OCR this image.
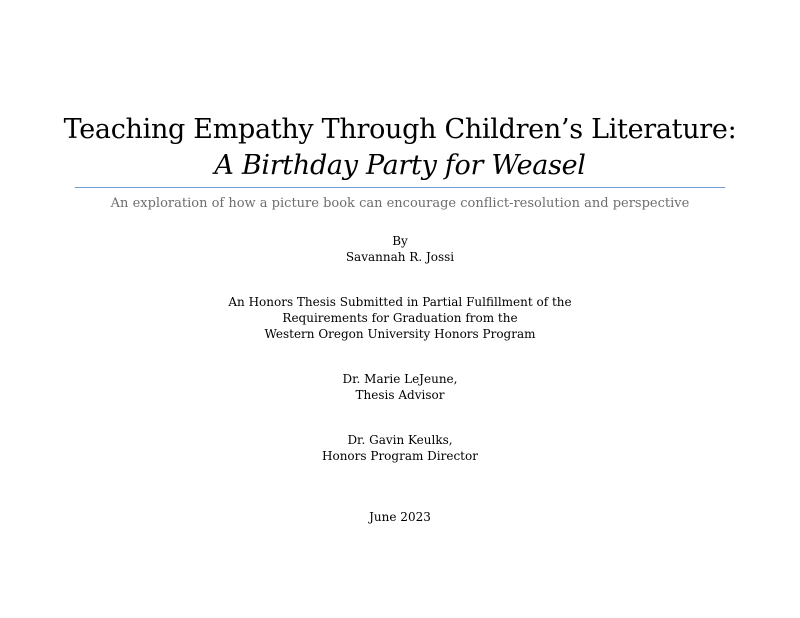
Teaching Empathy Through Children’s Literature:
A Birthday Party for Weasel
An exploration of how a picture book can encourage conflict-resolution and perspective
By
Savannah R. Jossi
An Honors Thesis Submitted in Partial Fulfillment of the
Requirements for Graduation from the
Western Oregon University Honors Program
Dr. Marie LeJeune,
Thesis Advisor
Dr. Gavin Keulks,
Honors Program Director
June 2023
